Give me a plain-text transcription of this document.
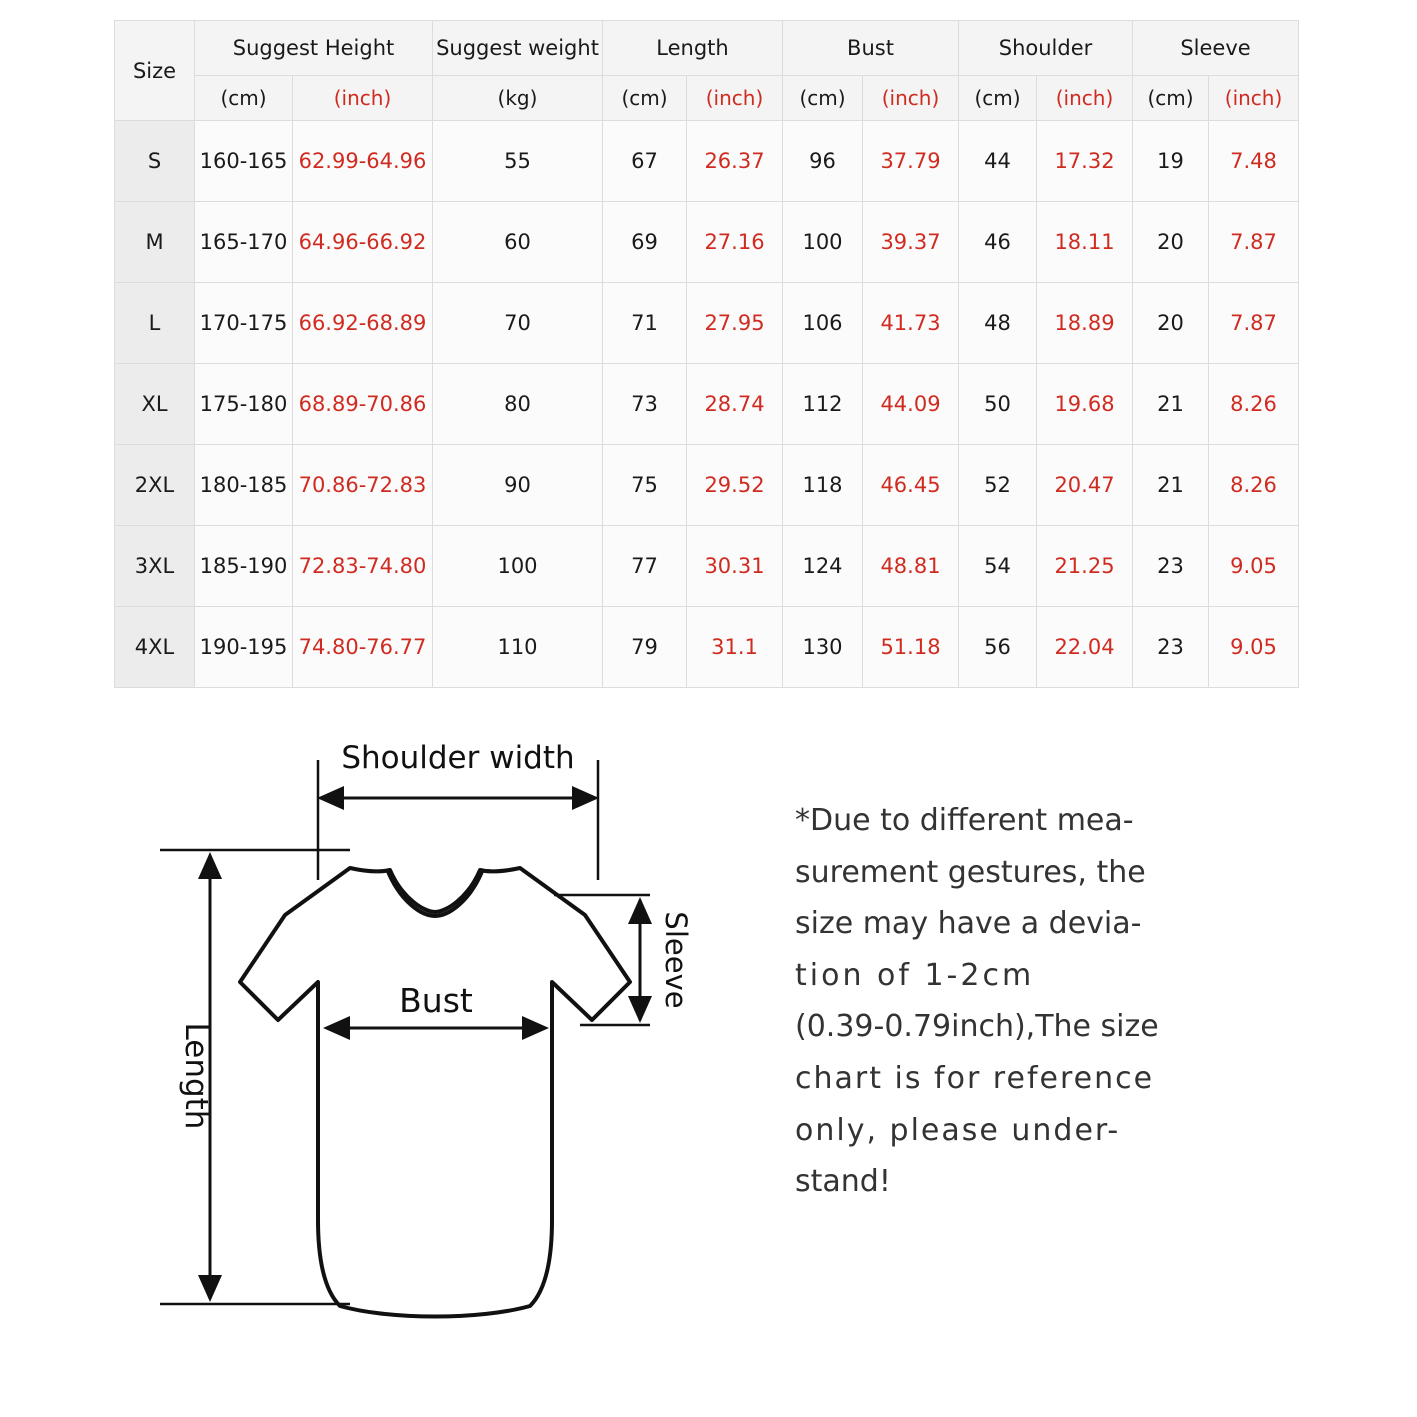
Size	Suggest Height		Suggest weight	Length		Bust		Shoulder		Sleeve	
	(cm)	(inch)	(kg)	(cm)	(inch)	(cm)	(inch)	(cm)	(inch)	(cm)	(inch)
S	160-165	62.99-64.96	55	67	26.37	96	37.79	44	17.32	19	7.48
M	165-170	64.96-66.92	60	69	27.16	100	39.37	46	18.11	20	7.87
L	170-175	66.92-68.89	70	71	27.95	106	41.73	48	18.89	20	7.87
XL	175-180	68.89-70.86	80	73	28.74	112	44.09	50	19.68	21	8.26
2XL	180-185	70.86-72.83	90	75	29.52	118	46.45	52	20.47	21	8.26
3XL	185-190	72.83-74.80	100	77	30.31	124	48.81	54	21.25	23	9.05
4XL	190-195	74.80-76.77	110	79	31.1	130	51.18	56	22.04	23	9.05
Shoulder width
Bust	Sleeve
Length
*Due to different mea-
surement gestures, the
size may have a devia-
tion of 1-2cm
(0.39-0.79inch),The size
chart is for reference
only, please under-
stand!
